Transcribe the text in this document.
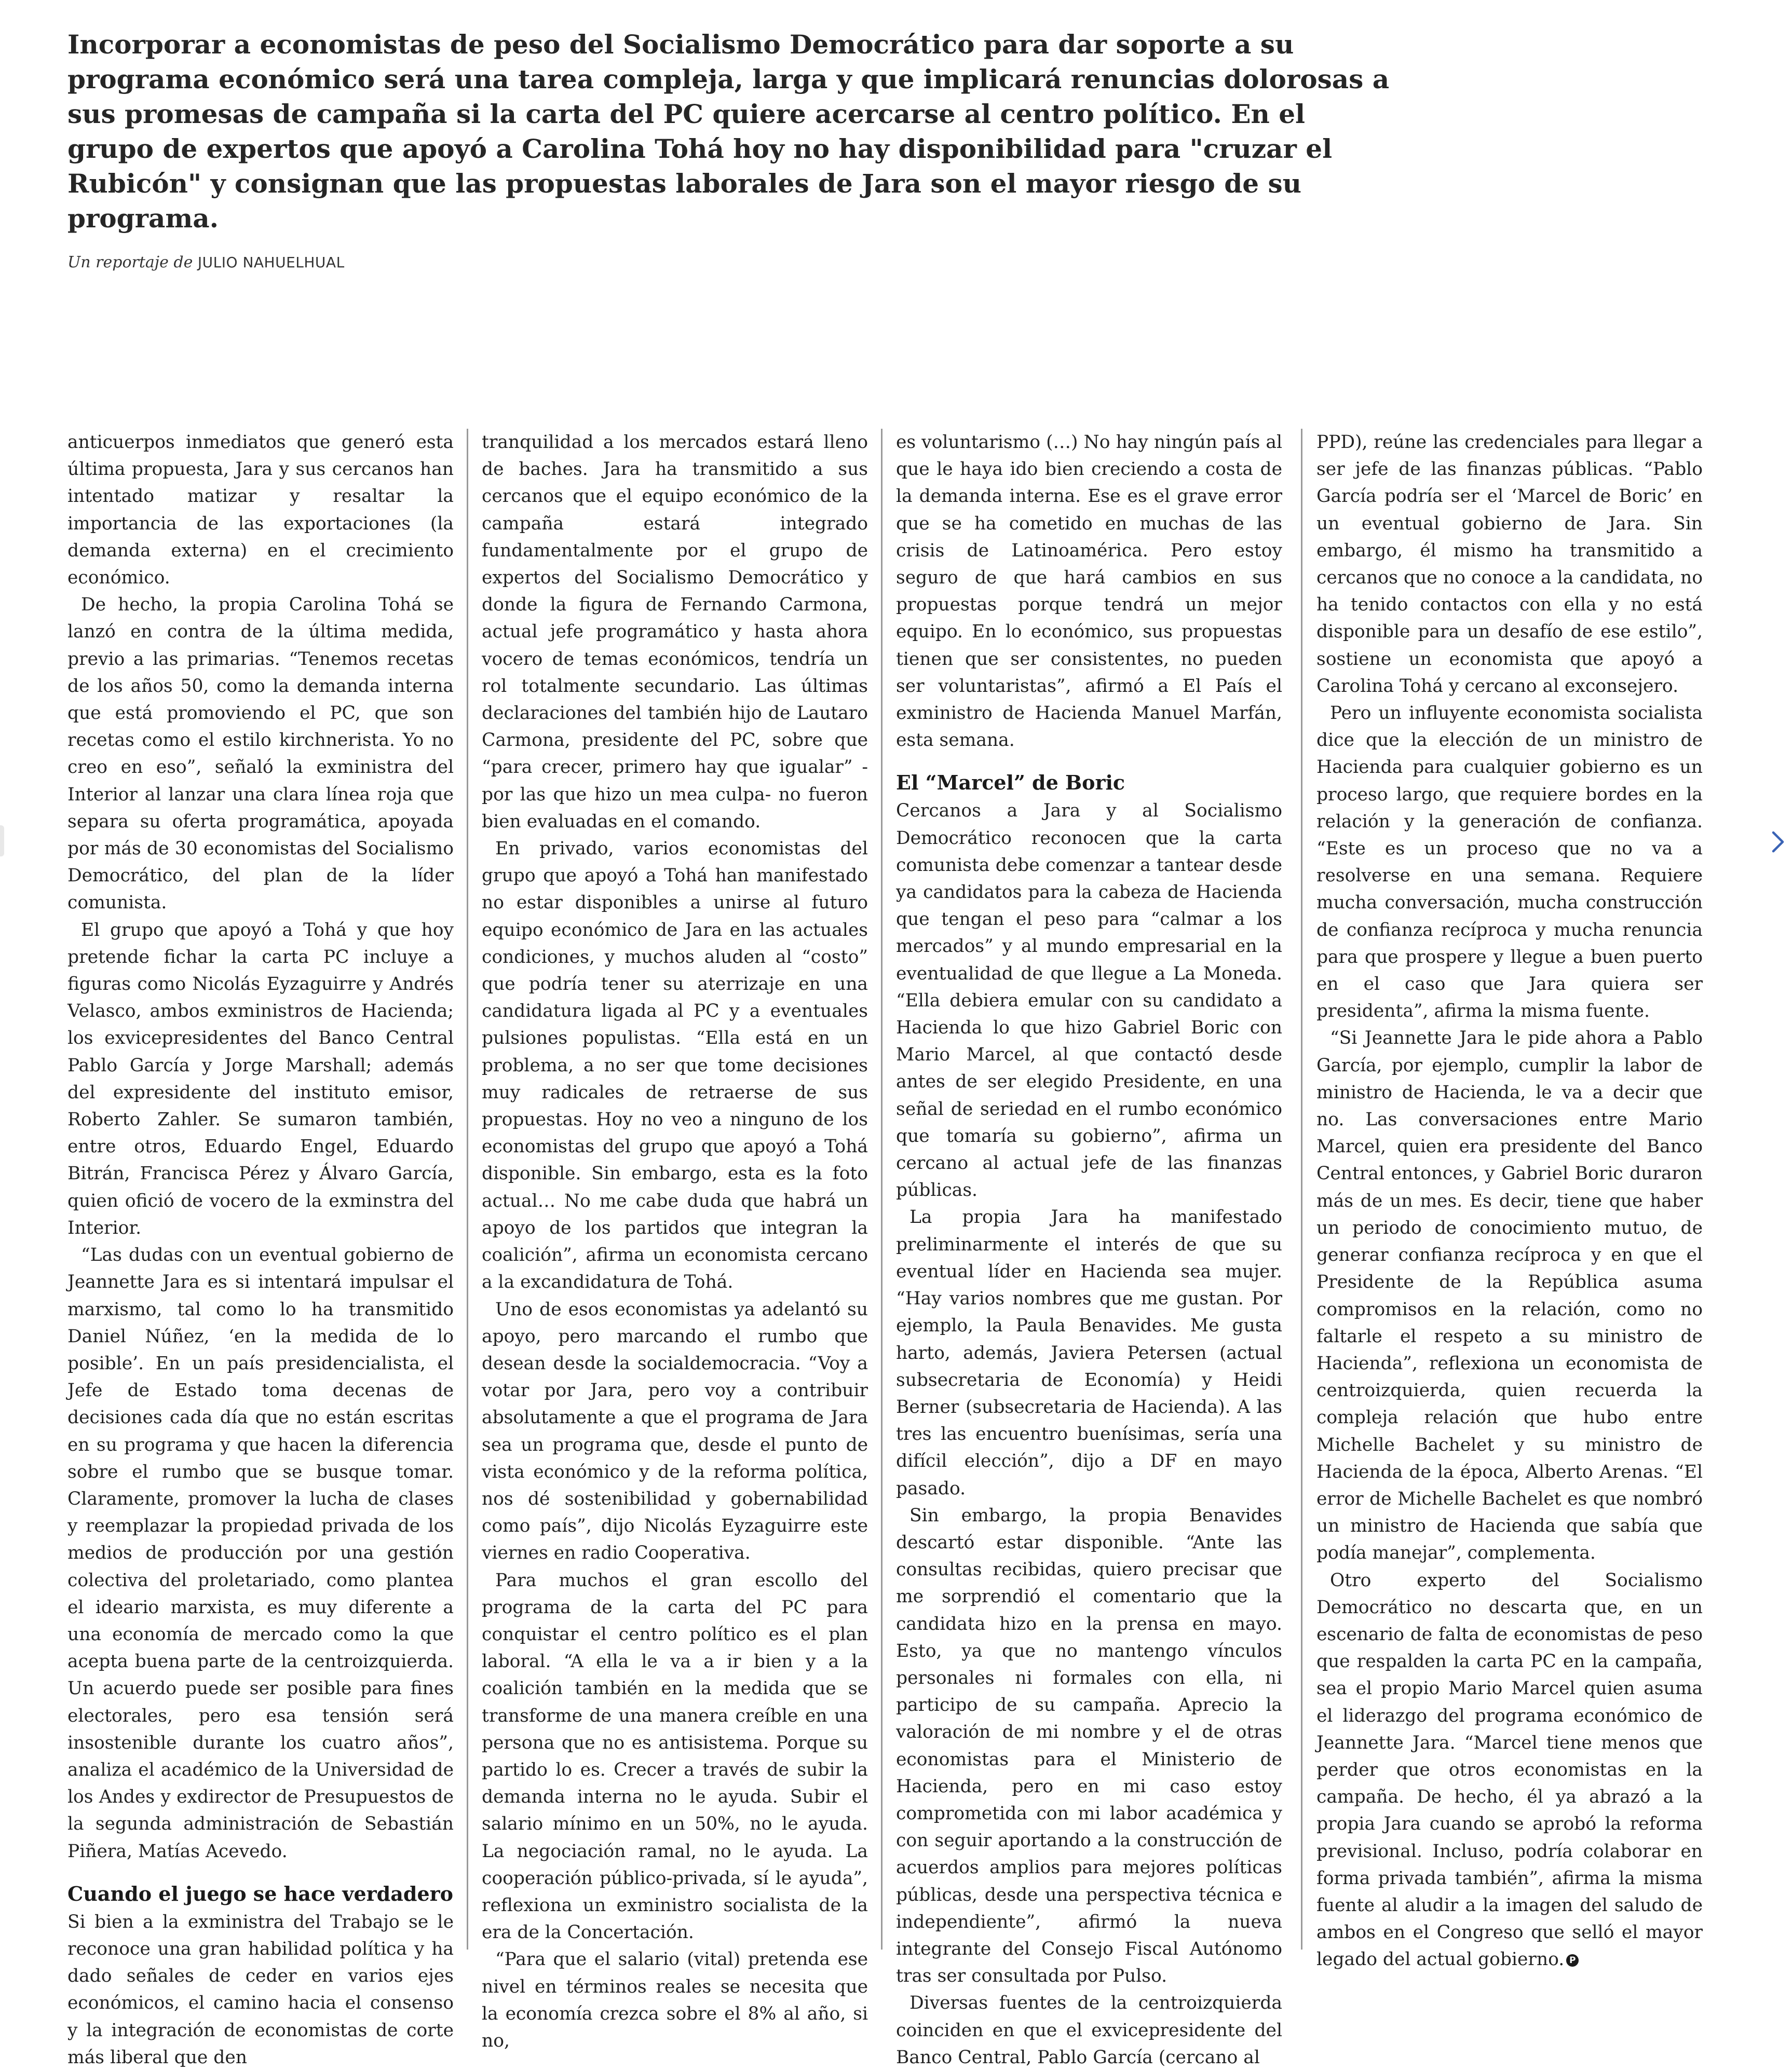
Incorporar a economistas de peso del Socialismo Democrático para dar soporte a su programa económico será una tarea compleja, larga y que implicará renuncias dolorosas a sus promesas de campaña si la carta del PC quiere acercarse al centro político. En el grupo de expertos que apoyó a Carolina Tohá hoy no hay disponibilidad para "cruzar el Rubicón" y consignan que las propuestas laborales de Jara son el mayor riesgo de su programa.
Un reportaje de JULIO NAHUELHUAL

anticuerpos inmediatos que generó esta última propuesta, Jara y sus cercanos han intentado matizar y resaltar la importancia de las exportaciones (la demanda externa) en el crecimiento económico.

De hecho, la propia Carolina Tohá se lanzó en contra de la última medida, previo a las primarias. “Tenemos recetas de los años 50, como la demanda interna que está promoviendo el PC, que son recetas como el estilo kirchnerista. Yo no creo en eso”, señaló la exministra del Interior al lanzar una clara línea roja que separa su oferta programática, apoyada por más de 30 economistas del Socialismo Democrático, del plan de la líder comunista.

El grupo que apoyó a Tohá y que hoy pretende fichar la carta PC incluye a figuras como Nicolás Eyzaguirre y Andrés Velasco, ambos exministros de Hacienda; los exvicepresidentes del Banco Central Pablo García y Jorge Marshall; además del expresidente del instituto emisor, Roberto Zahler. Se sumaron también, entre otros, Eduardo Engel, Eduardo Bitrán, Francisca Pérez y Álvaro García, quien ofició de vocero de la exminstra del Interior.

“Las dudas con un eventual gobierno de Jeannette Jara es si intentará impulsar el marxismo, tal como lo ha transmitido Daniel Núñez, ‘en la medida de lo posible’. En un país presidencialista, el Jefe de Estado toma decenas de decisiones cada día que no están escritas en su programa y que hacen la diferencia sobre el rumbo que se busque tomar. Claramente, promover la lucha de clases y reemplazar la propiedad privada de los medios de producción por una gestión colectiva del proletariado, como plantea el ideario marxista, es muy diferente a una economía de mercado como la que acepta buena parte de la centroizquierda. Un acuerdo puede ser posible para fines electorales, pero esa tensión será insostenible durante los cuatro años”, analiza el académico de la Universidad de los Andes y exdirector de Presupuestos de la segunda administración de Sebastián Piñera, Matías Acevedo.

Cuando el juego se hace verdadero

Si bien a la exministra del Trabajo se le reconoce una gran habilidad política y ha dado señales de ceder en varios ejes económicos, el camino hacia el consenso y la integración de economistas de corte más liberal que den

tranquilidad a los mercados estará lleno de baches. Jara ha transmitido a sus cercanos que el equipo económico de la campaña estará integrado fundamentalmente por el grupo de expertos del Socialismo Democrático y donde la figura de Fernando Carmona, actual jefe programático y hasta ahora vocero de temas económicos, tendría un rol totalmente secundario. Las últimas declaraciones del también hijo de Lautaro Carmona, presidente del PC, sobre que “para crecer, primero hay que igualar” -por las que hizo un mea culpa- no fueron bien evaluadas en el comando.

En privado, varios economistas del grupo que apoyó a Tohá han manifestado no estar disponibles a unirse al futuro equipo económico de Jara en las actuales condiciones, y muchos aluden al “costo” que podría tener su aterrizaje en una candidatura ligada al PC y a eventuales pulsiones populistas. “Ella está en un problema, a no ser que tome decisiones muy radicales de retraerse de sus propuestas. Hoy no veo a ninguno de los economistas del grupo que apoyó a Tohá disponible. Sin embargo, esta es la foto actual… No me cabe duda que habrá un apoyo de los partidos que integran la coalición”, afirma un economista cercano a la excandidatura de Tohá.

Uno de esos economistas ya adelantó su apoyo, pero marcando el rumbo que desean desde la socialdemocracia. “Voy a votar por Jara, pero voy a contribuir absolutamente a que el programa de Jara sea un programa que, desde el punto de vista económico y de la reforma política, nos dé sostenibilidad y gobernabilidad como país”, dijo Nicolás Eyzaguirre este viernes en radio Cooperativa.

Para muchos el gran escollo del programa de la carta del PC para conquistar el centro político es el plan laboral. “A ella le va a ir bien y a la coalición también en la medida que se transforme de una manera creíble en una persona que no es antisistema. Porque su partido lo es. Crecer a través de subir la demanda interna no le ayuda. Subir el salario mínimo en un 50%, no le ayuda. La negociación ramal, no le ayuda. La cooperación público-privada, sí le ayuda”, reflexiona un exministro socialista de la era de la Concertación.

“Para que el salario (vital) pretenda ese nivel en términos reales se necesita que la economía crezca sobre el 8% al año, si no,

es voluntarismo (…) No hay ningún país al que le haya ido bien creciendo a costa de la demanda interna. Ese es el grave error que se ha cometido en muchas de las crisis de Latinoamérica. Pero estoy seguro de que hará cambios en sus propuestas porque tendrá un mejor equipo. En lo económico, sus propuestas tienen que ser consistentes, no pueden ser voluntaristas”, afirmó a El País el exministro de Hacienda Manuel Marfán, esta semana.

El “Marcel” de Boric

Cercanos a Jara y al Socialismo Democrático reconocen que la carta comunista debe comenzar a tantear desde ya candidatos para la cabeza de Hacienda que tengan el peso para “calmar a los mercados” y al mundo empresarial en la eventualidad de que llegue a La Moneda. “Ella debiera emular con su candidato a Hacienda lo que hizo Gabriel Boric con Mario Marcel, al que contactó desde antes de ser elegido Presidente, en una señal de seriedad en el rumbo económico que tomaría su gobierno”, afirma un cercano al actual jefe de las finanzas públicas.

La propia Jara ha manifestado preliminarmente el interés de que su eventual líder en Hacienda sea mujer. “Hay varios nombres que me gustan. Por ejemplo, la Paula Benavides. Me gusta harto, además, Javiera Petersen (actual subsecretaria de Economía) y Heidi Berner (subsecretaria de Hacienda). A las tres las encuentro buenísimas, sería una difícil elección”, dijo a DF en mayo pasado.

Sin embargo, la propia Benavides descartó estar disponible. “Ante las consultas recibidas, quiero precisar que me sorprendió el comentario que la candidata hizo en la prensa en mayo. Esto, ya que no mantengo vínculos personales ni formales con ella, ni participo de su campaña. Aprecio la valoración de mi nombre y el de otras economistas para el Ministerio de Hacienda, pero en mi caso estoy comprometida con mi labor académica y con seguir aportando a la construcción de acuerdos amplios para mejores políticas públicas, desde una perspectiva técnica e independiente”, afirmó la nueva integrante del Consejo Fiscal Autónomo tras ser consultada por Pulso.

Diversas fuentes de la centroizquierda coinciden en que el exvicepresidente del Banco Central, Pablo García (cercano al

PPD), reúne las credenciales para llegar a ser jefe de las finanzas públicas. “Pablo García podría ser el ‘Marcel de Boric’ en un eventual gobierno de Jara. Sin embargo, él mismo ha transmitido a cercanos que no conoce a la candidata, no ha tenido contactos con ella y no está disponible para un desafío de ese estilo”, sostiene un economista que apoyó a Carolina Tohá y cercano al exconsejero.

Pero un influyente economista socialista dice que la elección de un ministro de Hacienda para cualquier gobierno es un proceso largo, que requiere bordes en la relación y la generación de confianza. “Este es un proceso que no va a resolverse en una semana. Requiere mucha conversación, mucha construcción de confianza recíproca y mucha renuncia para que prospere y llegue a buen puerto en el caso que Jara quiera ser presidenta”, afirma la misma fuente.

“Si Jeannette Jara le pide ahora a Pablo García, por ejemplo, cumplir la labor de ministro de Hacienda, le va a decir que no. Las conversaciones entre Mario Marcel, quien era presidente del Banco Central entonces, y Gabriel Boric duraron más de un mes. Es decir, tiene que haber un periodo de conocimiento mutuo, de generar confianza recíproca y en que el Presidente de la República asuma compromisos en la relación, como no faltarle el respeto a su ministro de Hacienda”, reflexiona un economista de centroizquierda, quien recuerda la compleja relación que hubo entre Michelle Bachelet y su ministro de Hacienda de la época, Alberto Arenas. “El error de Michelle Bachelet es que nombró un ministro de Hacienda que sabía que podía manejar”, complementa.

Otro experto del Socialismo Democrático no descarta que, en un escenario de falta de economistas de peso que respalden la carta PC en la campaña, sea el propio Mario Marcel quien asuma el liderazgo del programa económico de Jeannette Jara. “Marcel tiene menos que perder que otros economistas en la campaña. De hecho, él ya abrazó a la propia Jara cuando se aprobó la reforma previsional. Incluso, podría colaborar en forma privada también”, afirma la misma fuente al aludir a la imagen del saludo de ambos en el Congreso que selló el mayor legado del actual gobierno. P
